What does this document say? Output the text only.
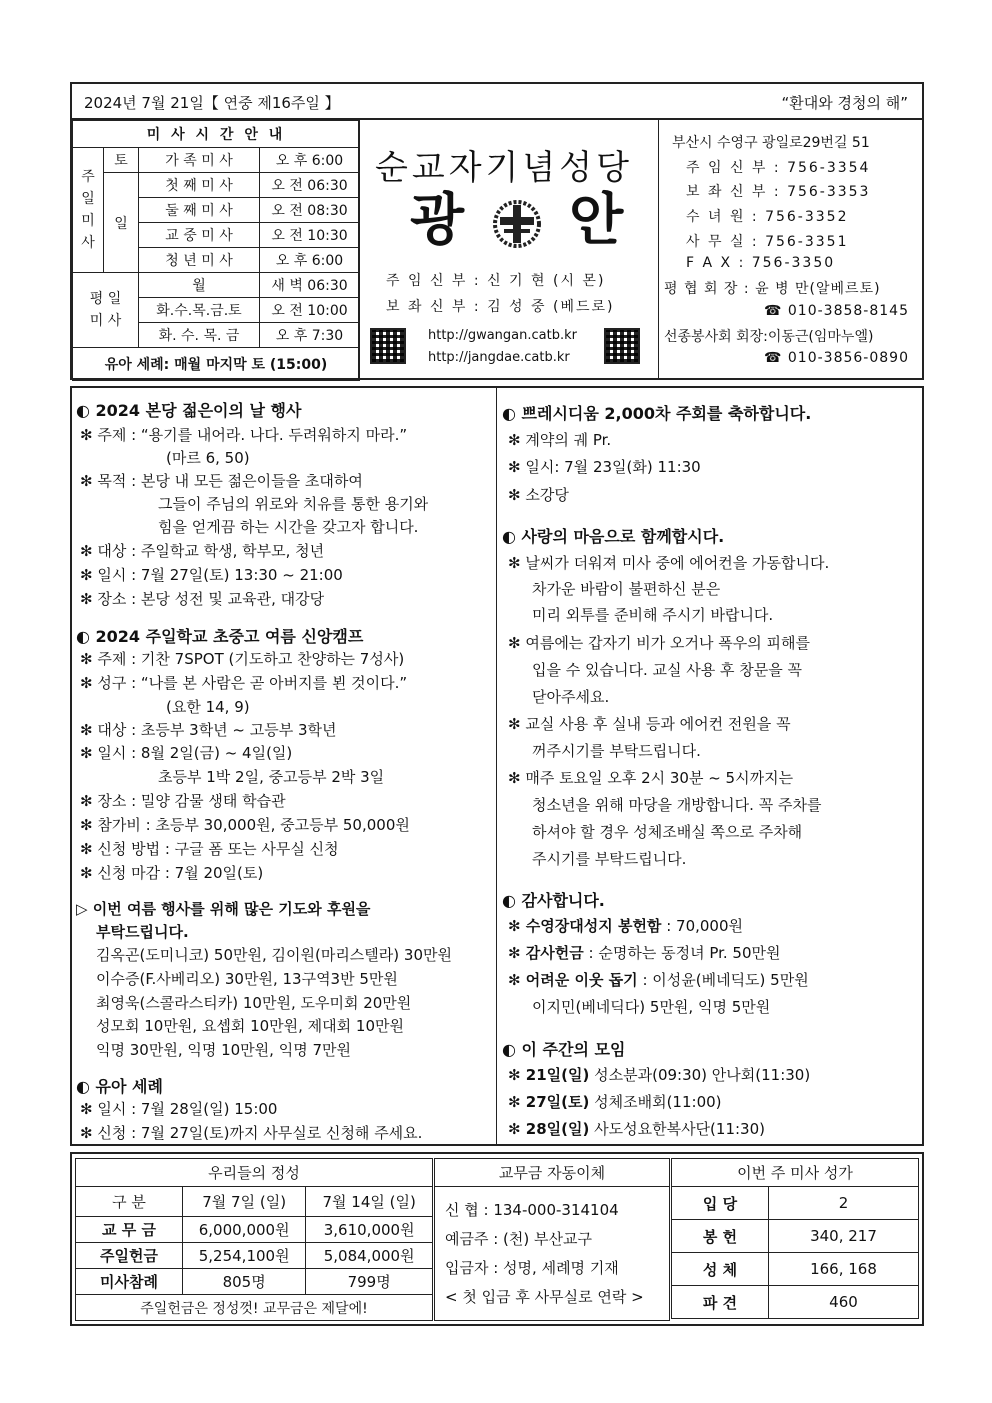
2024년 7월 21일【 연중 제16주일 】	“환대와 경청의 해”
미 사 시 간 안 내			
주
일
미
사	토	가 족 미 사	오 후 6:00
	일	첫 째 미 사	오 전 06:30
		둘 째 미 사	오 전 08:30
		교 중 미 사	오 전 10:30
		청 년 미 사	오 후 6:00
평 일
미 사		월	새 벽 06:30
		화.수.목.금.토	오 전 10:00
		화. 수. 목. 금	오 후 7:30
유아 세례: 매월 마지막 토 (15:00)			
순교자기념성당
광 안
주 임 신 부 : 신 기 현 (시 몬)
보 좌 신 부 : 김 성 중 (베드로)
http://gwangan.catb.kr
http://jangdae.catb.kr
부산시 수영구 광일로29번길 51
주 임 신 부 : 756-3354
보 좌 신 부 : 756-3353
수 녀 원 : 756-3352
사 무 실 : 756-3351
F A X : 756-3350
평 협 회 장 : 윤 병 만(알베르토)
☎ 010-3858-8145
선종봉사회 회장:이동근(임마누엘)
☎ 010-3856-0890
◐ 2024 본당 젊은이의 날 행사
✻ 주제 : “용기를 내어라. 나다. 두려워하지 마라.”
(마르 6, 50)
✻ 목적 : 본당 내 모든 젊은이들을 초대하여
그들이 주님의 위로와 치유를 통한 용기와
힘을 얻게끔 하는 시간을 갖고자 합니다.
✻ 대상 : 주일학교 학생, 학부모, 청년
✻ 일시 : 7월 27일(토) 13:30 ~ 21:00
✻ 장소 : 본당 성전 및 교육관, 대강당
◐ 2024 주일학교 초중고 여름 신앙캠프
✻ 주제 : 기찬 7SPOT (기도하고 찬양하는 7성사)
✻ 성구 : “나를 본 사람은 곧 아버지를 뵌 것이다.”
(요한 14, 9)
✻ 대상 : 초등부 3학년 ~ 고등부 3학년
✻ 일시 : 8월 2일(금) ~ 4일(일)
초등부 1박 2일, 중고등부 2박 3일
✻ 장소 : 밀양 감물 생태 학습관
✻ 참가비 : 초등부 30,000원, 중고등부 50,000원
✻ 신청 방법 : 구글 폼 또는 사무실 신청
✻ 신청 마감 : 7월 20일(토)
▷ 이번 여름 행사를 위해 많은 기도와 후원을
부탁드립니다.
김옥곤(도미니코) 50만원, 김이원(마리스텔라) 30만원
이수증(F.사베리오) 30만원, 13구역3반 5만원
최영욱(스콜라스티카) 10만원, 도우미회 20만원
성모회 10만원, 요셉회 10만원, 제대회 10만원
익명 30만원, 익명 10만원, 익명 7만원
◐ 유아 세례
✻ 일시 : 7월 28일(일) 15:00
✻ 신청 : 7월 27일(토)까지 사무실로 신청해 주세요.
◐ 쁘레시디움 2,000차 주회를 축하합니다.
✻ 계약의 궤 Pr.
✻ 일시: 7월 23일(화) 11:30
✻ 소강당
◐ 사랑의 마음으로 함께합시다.
✻ 날씨가 더워져 미사 중에 에어컨을 가동합니다.
차가운 바람이 불편하신 분은
미리 외투를 준비해 주시기 바랍니다.
✻ 여름에는 갑자기 비가 오거나 폭우의 피해를
입을 수 있습니다. 교실 사용 후 창문을 꼭
닫아주세요.
✻ 교실 사용 후 실내 등과 에어컨 전원을 꼭
꺼주시기를 부탁드립니다.
✻ 매주 토요일 오후 2시 30분 ~ 5시까지는
청소년을 위해 마당을 개방합니다. 꼭 주차를
하셔야 할 경우 성체조배실 쪽으로 주차해
주시기를 부탁드립니다.
◐ 감사합니다.
✻ 수영장대성지 봉헌함 : 70,000원
✻ 감사헌금 : 순명하는 동정녀 Pr. 50만원
✻ 어려운 이웃 돕기 : 이성윤(베네딕도) 5만원
이지민(베네딕다) 5만원, 익명 5만원
◐ 이 주간의 모임
✻ 21일(일) 성소분과(09:30) 안나회(11:30)
✻ 27일(토) 성체조배회(11:00)
✻ 28일(일) 사도성요한복사단(11:30)
우리들의 정성		
구 분	7월 7일 (일)	7월 14일 (일)
교 무 금	6,000,000원	3,610,000원
주일헌금	5,254,100원	5,084,000원
미사참례	805명	799명
주일헌금은 정성껏! 교무금은 제달에!		
교무금 자동이체

신 협 : 134-000-314104
예금주 : (천) 부산교구
입금자 : 성명, 세례명 기재
< 첫 입금 후 사무실로 연락 >
이번 주 미사 성가	
입 당	2
봉 헌	340, 217
성 체	166, 168
파 견	460
